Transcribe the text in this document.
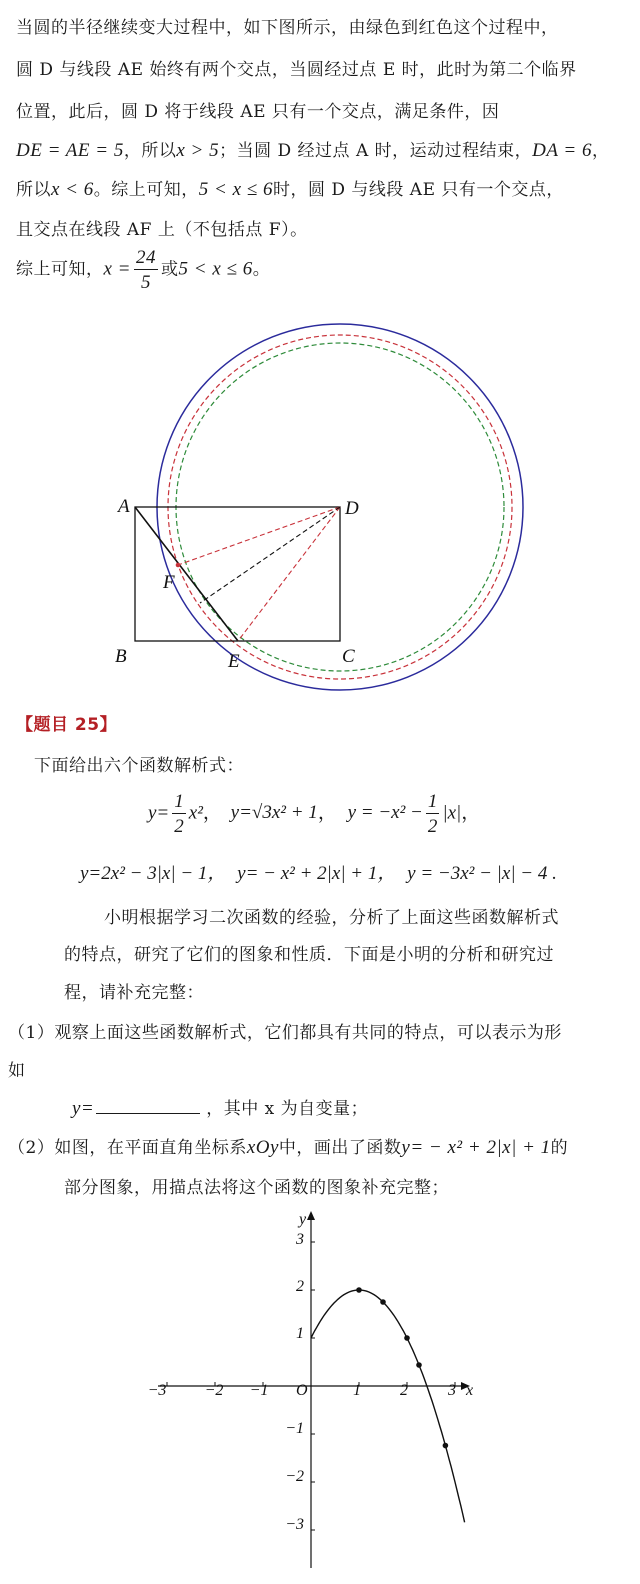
当圆的半径继续变大过程中，如下图所示，由绿色到红色这个过程中，
圆 D 与线段 AE 始终有两个交点，当圆经过点 E 时，此时为第二个临界
位置，此后，圆 D 将于线段 AE 只有一个交点，满足条件，因
DE = AE = 5，所以x > 5；当圆 D 经过点 A 时，运动过程结束，DA = 6，
所以x < 6。综上可知，5 < x ≤ 6时，圆 D 与线段 AE 只有一个交点，
且交点在线段 AF 上（不包括点 F）。
综上可知，$x = \frac{24}{5}$ 或5 < x ≤ 6。
A	D
B	C
E
F
【题目 25】
下面给出六个函数解析式：
$y= \frac{1}{2} x^2$， y=√3x² + 1， $y = -x^2 - \frac{1}{2} |x|$，
y=2x² − 3|x| − 1， y= − x² + 2|x| + 1， y = −3x² − |x| − 4 .
小明根据学习二次函数的经验，分析了上面这些函数解析式
的特点，研究了它们的图象和性质．下面是小明的分析和研究过
程，请补充完整：
（1）观察上面这些函数解析式，它们都具有共同的特点，可以表示为形
如
y=	，其中 x 为自变量；
（2）如图，在平面直角坐标系xOy中，画出了函数y= − x² + 2|x| + 1的
部分图象，用描点法将这个函数的图象补充完整；
x
y
O
−3 −2 −1	1 2	3
3
2
1
−1
−2
−3
